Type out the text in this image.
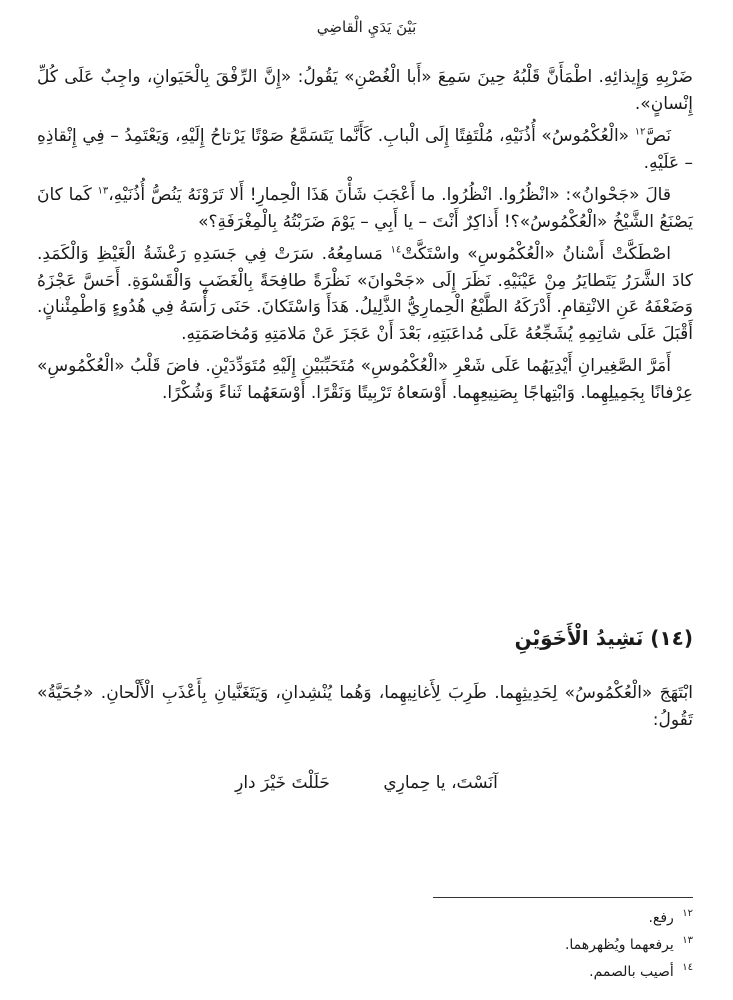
بَيْنَ يَدَيِ الْقاضِي

ضَرْبِهِ وَإِيذائِهِ. اطْمَأَنَّ قَلْبُهُ حِينَ سَمِعَ «أَبا الْغُصْنِ» يَقُولُ: «إِنَّ الرِّفْقَ بِالْحَيَوانِ، واجِبٌ عَلَى كُلِّ إِنْسانٍ».

نَصَّ$^{١٢}$ «الْعُكْمُوسُ» أُذُنَيْهِ، مُلْتَفِتًا إِلَى الْبابِ. كَأَنَّما يَتَسَمَّعُ صَوْتًا يَرْتاحُ إِلَيْهِ، وَيَعْتَمِدُ – فِي إِنْقاذِهِ – عَلَيْهِ.

قالَ «جَحْوانُ»: «انْظُرُوا. انْظُرُوا. ما أَعْجَبَ شَأْنَ هَذَا الْحِمارِ! أَلا تَرَوْنَهُ يَنُصُّ أُذُنَيْهِ،$^{١٣}$ كَما كانَ يَصْنَعُ الشَّيْخُ «الْعُكْمُوسُ»؟! أَذاكِرٌ أَنْتَ – يا أَبِي – يَوْمَ ضَرَبْتُهُ بِالْمِغْرَفَةِ؟»

اصْطَكَّتْ أَسْنانُ «الْعُكْمُوسِ» واسْتَكَّتْ$^{١٤}$ مَسامِعُهُ. سَرَتْ فِي جَسَدِهِ رَعْشَةُ الْغَيْظِ وَالْكَمَدِ. كادَ الشَّرَرُ يَتَطايَرُ مِنْ عَيْنَيْهِ. نَظَرَ إِلَى «جَحْوانَ» نَظْرَةً طافِحَةً بِالْغَضَبِ وَالْقَسْوَةِ. أَحَسَّ عَجْزَهُ وَضَعْفَهُ عَنِ الانْتِقامِ. أَدْرَكَهُ الطَّبْعُ الْحِمارِيُّ الذَّلِيلُ. هَدَأَ وَاسْتَكانَ. حَنَى رَأْسَهُ فِي هُدُوءٍ وَاطْمِئْنانٍ. أَقْبَلَ عَلَى شاتِمِهِ يُشَجِّعُهُ عَلَى مُداعَبَتِهِ، بَعْدَ أَنْ عَجَزَ عَنْ مَلامَتِهِ وَمُخاصَمَتِهِ.

أَمَرَّ الصَّغِيرانِ أَيْدِيَهُما عَلَى شَعْرِ «الْعُكْمُوسِ» مُتَحَبِّبَيْنِ إِلَيْهِ مُتَوَدِّدَيْنِ. فاضَ قَلْبُ «الْعُكْمُوسِ» عِرْفانًا بِجَمِيلِهِما. وَابْتِهاجًا بِصَنِيعِهِما. أَوْسَعاهُ تَرْبِيتًا وَنَقْرًا. أَوْسَعَهُما ثَناءً وَشُكْرًا.

(١٤) نَشِيدُ الْأَخَوَيْنِ

ابْتَهَجَ «الْعُكْمُوسُ» لِحَدِيثِهِما. طَرِبَ لِأَغانِيهِما، وَهُما يُنْشِدانِ، وَيَتَغَنَّيانِ بِأَعْذَبِ الْأَلْحانِ. «جُحَيَّةُ» تَقُولُ:

آنَسْتَ، يا حِمارِي حَلَلْتَ خَيْرَ دارِ
$^{١٢}$ رفع.
$^{١٣}$ يرفعهما ويُظهرهما.
$^{١٤}$ أصيب بالصمم.
